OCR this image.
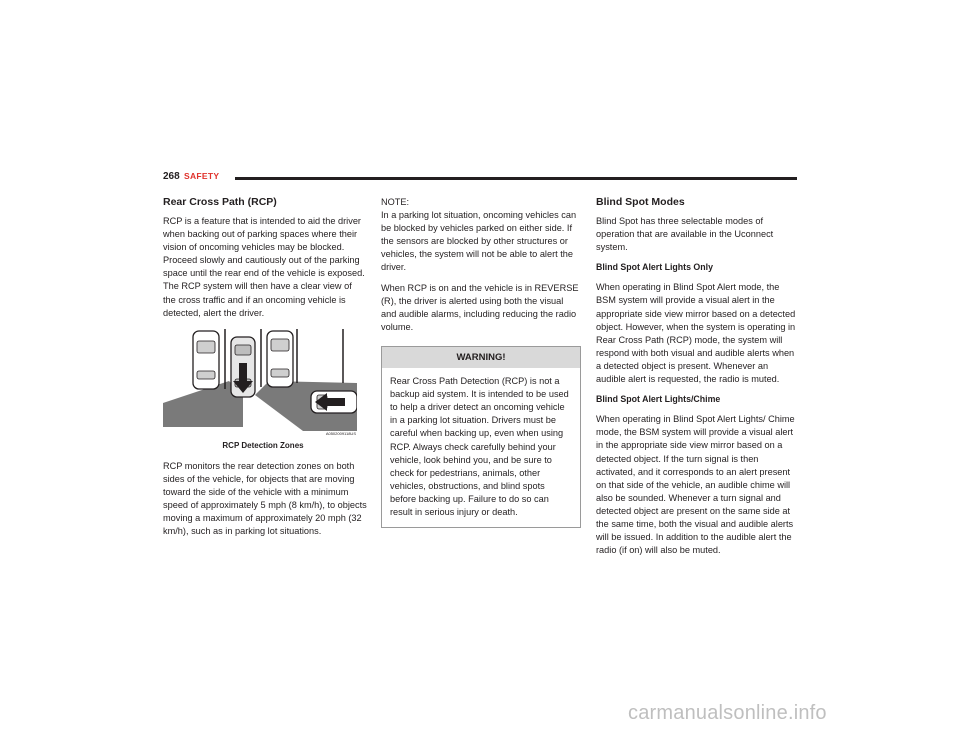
268 SAFETY
Rear Cross Path (RCP)

RCP is a feature that is intended to aid the driver when backing out of parking spaces where their vision of oncoming vehicles may be blocked. Proceed slowly and cautiously out of the parking space until the rear end of the vehicle is exposed. The RCP system will then have a clear view of the cross traffic and if an oncoming vehicle is detected, alert the driver.

A0502009118US
RCP Detection Zones

RCP monitors the rear detection zones on both sides of the vehicle, for objects that are moving toward the side of the vehicle with a minimum speed of approximately 5 mph (8 km/h), to objects moving a maximum of approximately 20 mph (32 km/h), such as in parking lot situations.

NOTE:
In a parking lot situation, oncoming vehicles can be blocked by vehicles parked on either side. If the sensors are blocked by other structures or vehicles, the system will not be able to alert the driver.

When RCP is on and the vehicle is in REVERSE (R), the driver is alerted using both the visual and audible alarms, including reducing the radio volume.

WARNING!
Rear Cross Path Detection (RCP) is not a backup aid system. It is intended to be used to help a driver detect an oncoming vehicle in a parking lot situation. Drivers must be careful when backing up, even when using RCP. Always check carefully behind your vehicle, look behind you, and be sure to check for pedestrians, animals, other vehicles, obstructions, and blind spots before backing up. Failure to do so can result in serious injury or death.
Blind Spot Modes

Blind Spot has three selectable modes of operation that are available in the Uconnect system.

Blind Spot Alert Lights Only

When operating in Blind Spot Alert mode, the BSM system will provide a visual alert in the appropriate side view mirror based on a detected object. However, when the system is operating in Rear Cross Path (RCP) mode, the system will respond with both visual and audible alerts when a detected object is present. Whenever an audible alert is requested, the radio is muted.

Blind Spot Alert Lights/Chime

When operating in Blind Spot Alert Lights/ Chime mode, the BSM system will provide a visual alert in the appropriate side view mirror based on a detected object. If the turn signal is then activated, and it corresponds to an alert present on that side of the vehicle, an audible chime will also be sounded. Whenever a turn signal and detected object are present on the same side at the same time, both the visual and audible alerts will be issued. In addition to the audible alert the radio (if on) will also be muted.

carmanualsonline.info
